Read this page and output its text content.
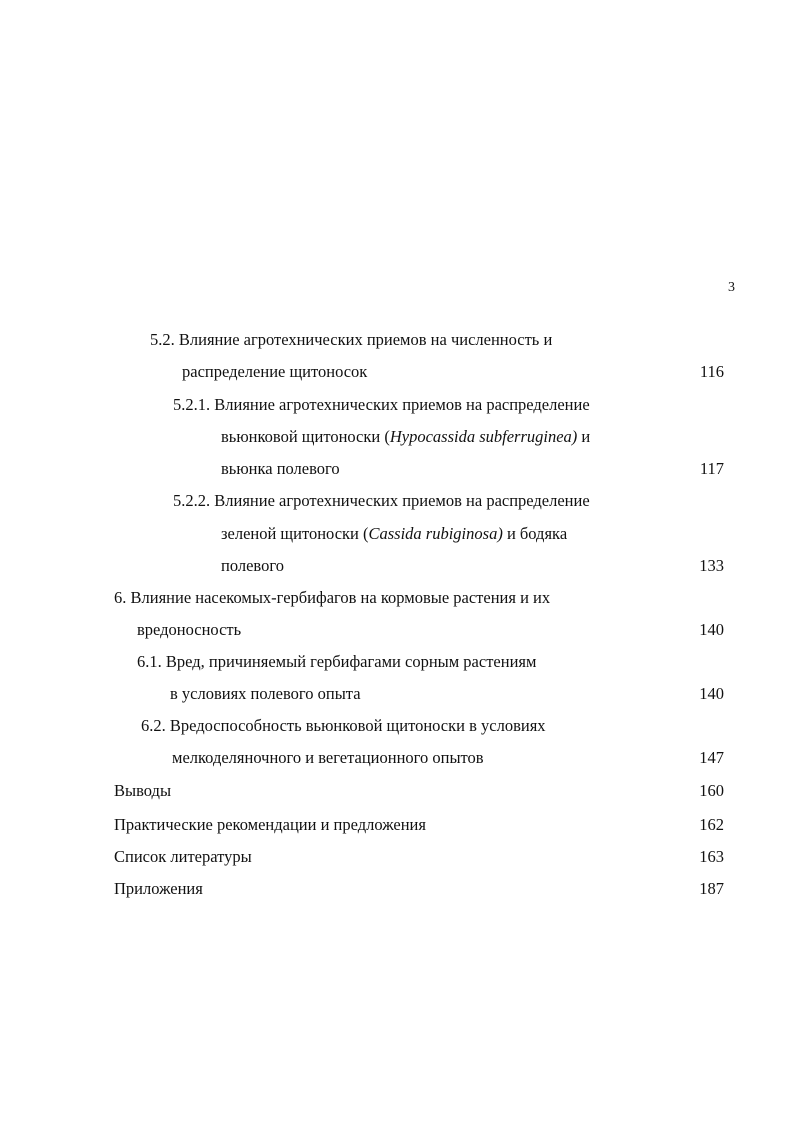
3
5.2. Влияние агротехнических приемов на численность и
распределение щитоносок	116
5.2.1. Влияние агротехнических приемов на распределение
вьюнковой щитоноски (Hypocassida subferruginea) и
вьюнка полевого	117
5.2.2. Влияние агротехнических приемов на распределение
зеленой щитоноски (Cassida rubiginosa) и бодяка
полевого	133
6. Влияние насекомых-гербифагов на кормовые растения и их
вредоносность	140
6.1. Вред, причиняемый гербифагами сорным растениям
в условиях полевого опыта	140
6.2. Вредоспособность вьюнковой щитоноски в условиях
мелкоделяночного и вегетационного опытов	147
Выводы	160
Практические рекомендации и предложения	162
Список литературы	163
Приложения	187
